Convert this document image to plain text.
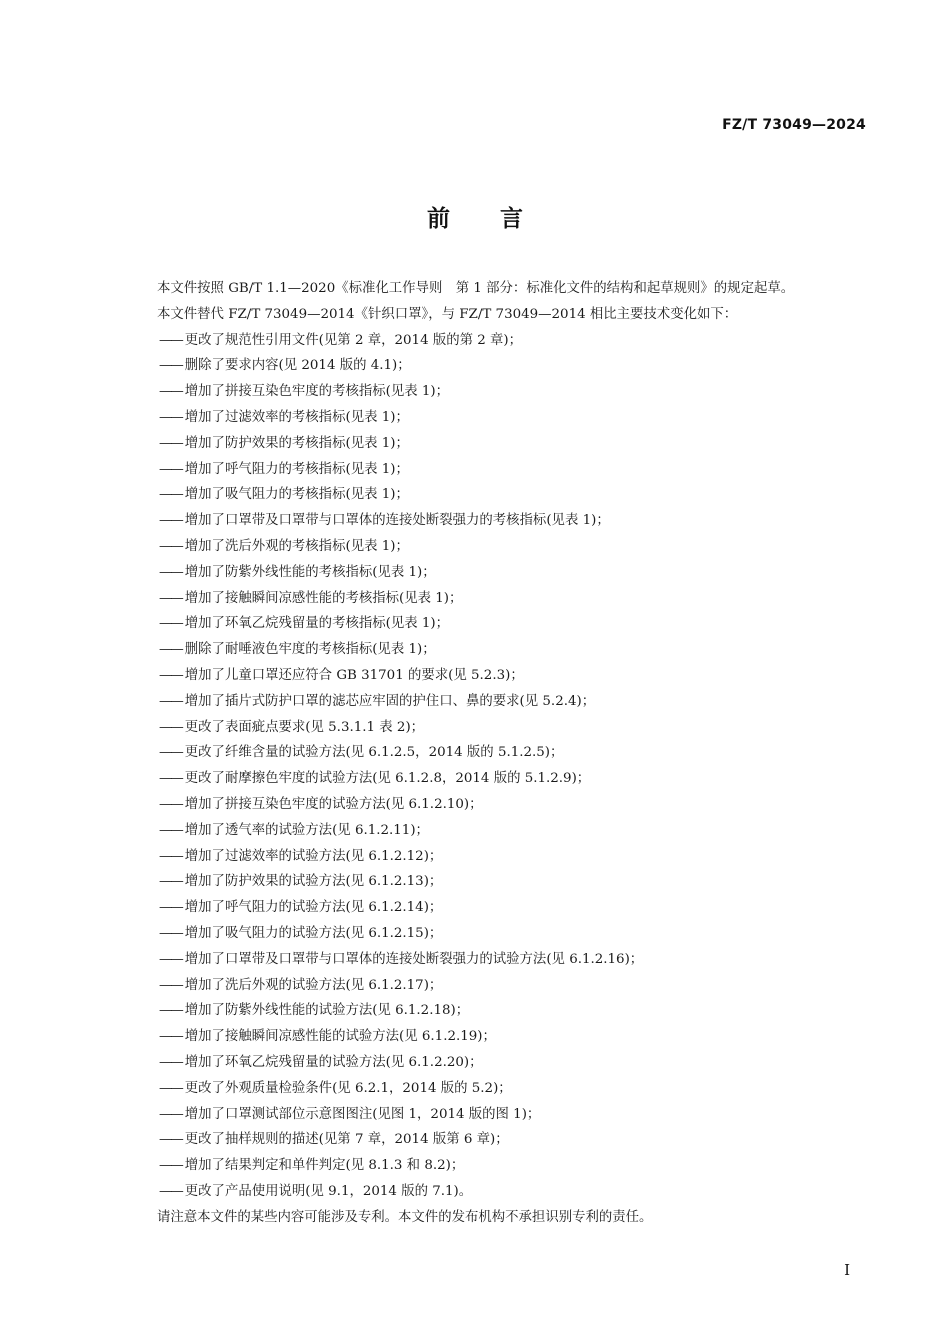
FZ/T 73049—2024
前言

本文件按照 GB/T 1.1—2020《标准化工作导则　第 1 部分：标准化文件的结构和起草规则》的规定起草。

本文件替代 FZ/T 73049—2014《针织口罩》，与 FZ/T 73049—2014 相比主要技术变化如下：

—— 更改了规范性引用文件(见第 2 章，2014 版的第 2 章)；
—— 删除了要求内容(见 2014 版的 4.1)；
—— 增加了拼接互染色牢度的考核指标(见表 1)；
—— 增加了过滤效率的考核指标(见表 1)；
—— 增加了防护效果的考核指标(见表 1)；
—— 增加了呼气阻力的考核指标(见表 1)；
—— 增加了吸气阻力的考核指标(见表 1)；
—— 增加了口罩带及口罩带与口罩体的连接处断裂强力的考核指标(见表 1)；
—— 增加了洗后外观的考核指标(见表 1)；
—— 增加了防紫外线性能的考核指标(见表 1)；
—— 增加了接触瞬间凉感性能的考核指标(见表 1)；
—— 增加了环氧乙烷残留量的考核指标(见表 1)；
—— 删除了耐唾液色牢度的考核指标(见表 1)；
—— 增加了儿童口罩还应符合 GB 31701 的要求(见 5.2.3)；
—— 增加了插片式防护口罩的滤芯应牢固的护住口、鼻的要求(见 5.2.4)；
—— 更改了表面疵点要求(见 5.3.1.1 表 2)；
—— 更改了纤维含量的试验方法(见 6.1.2.5，2014 版的 5.1.2.5)；
—— 更改了耐摩擦色牢度的试验方法(见 6.1.2.8，2014 版的 5.1.2.9)；
—— 增加了拼接互染色牢度的试验方法(见 6.1.2.10)；
—— 增加了透气率的试验方法(见 6.1.2.11)；
—— 增加了过滤效率的试验方法(见 6.1.2.12)；
—— 增加了防护效果的试验方法(见 6.1.2.13)；
—— 增加了呼气阻力的试验方法(见 6.1.2.14)；
—— 增加了吸气阻力的试验方法(见 6.1.2.15)；
—— 增加了口罩带及口罩带与口罩体的连接处断裂强力的试验方法(见 6.1.2.16)；
—— 增加了洗后外观的试验方法(见 6.1.2.17)；
—— 增加了防紫外线性能的试验方法(见 6.1.2.18)；
—— 增加了接触瞬间凉感性能的试验方法(见 6.1.2.19)；
—— 增加了环氧乙烷残留量的试验方法(见 6.1.2.20)；
—— 更改了外观质量检验条件(见 6.2.1，2014 版的 5.2)；
—— 增加了口罩测试部位示意图图注(见图 1，2014 版的图 1)；
—— 更改了抽样规则的描述(见第 7 章，2014 版第 6 章)；
—— 增加了结果判定和单件判定(见 8.1.3 和 8.2)；
—— 更改了产品使用说明(见 9.1，2014 版的 7.1)。

请注意本文件的某些内容可能涉及专利。本文件的发布机构不承担识别专利的责任。

I
